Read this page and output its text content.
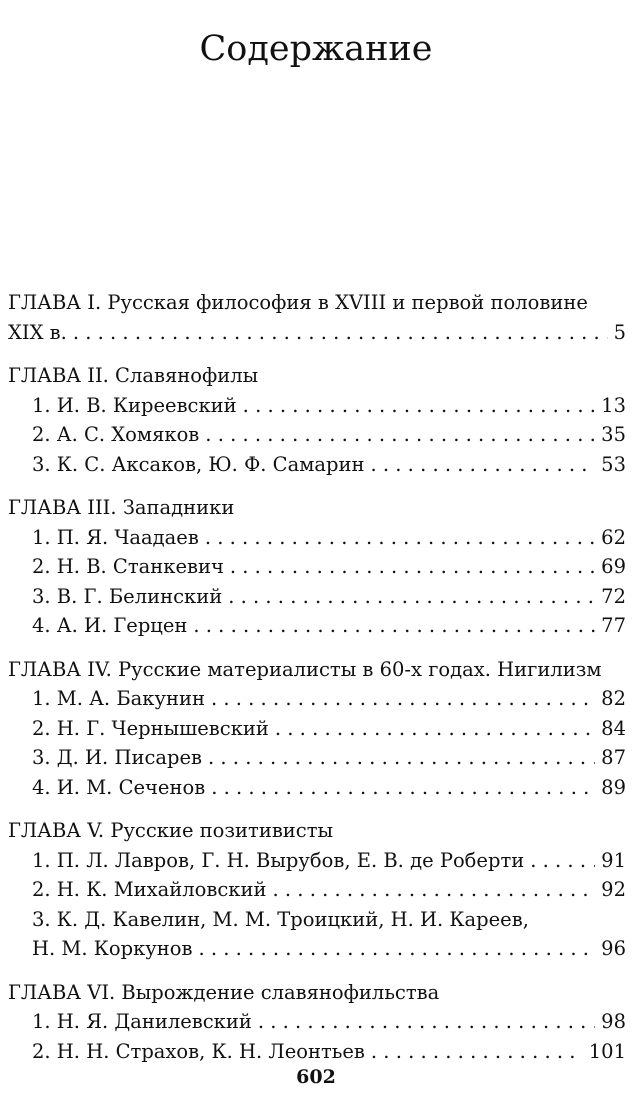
Содержание
ГЛАВА I. Русская философия в XVIII и первой половине
XIX в. . . .	5
ГЛАВА II. Славянофилы
1. И. В. Киреевский . . .	13
2. А. С. Хомяков . . .	35
3. К. С. Аксаков, Ю. Ф. Самарин . . .	53
ГЛАВА III. Западники
1. П. Я. Чаадаев . . .	62
2. Н. В. Станкевич . . .	69
3. В. Г. Белинский . . .	72
4. А. И. Герцен . . .	77
ГЛАВА IV. Русские материалисты в 60-х годах. Нигилизм
1. М. А. Бакунин . . .	82
2. Н. Г. Чернышевский . . .	84
3. Д. И. Писарев . . .	87
4. И. М. Сеченов . . .	89
ГЛАВА V. Русские позитивисты
1. П. Л. Лавров, Г. Н. Вырубов, Е. В. де Роберти . . .	91
2. Н. К. Михайловский . . .	92
3. К. Д. Кавелин, М. М. Троицкий, Н. И. Кареев,
Н. М. Коркунов . . .	96
ГЛАВА VI. Вырождение славянофильства
1. Н. Я. Данилевский . . .	98
2. Н. Н. Страхов, К. Н. Леонтьев . . .	101
602
